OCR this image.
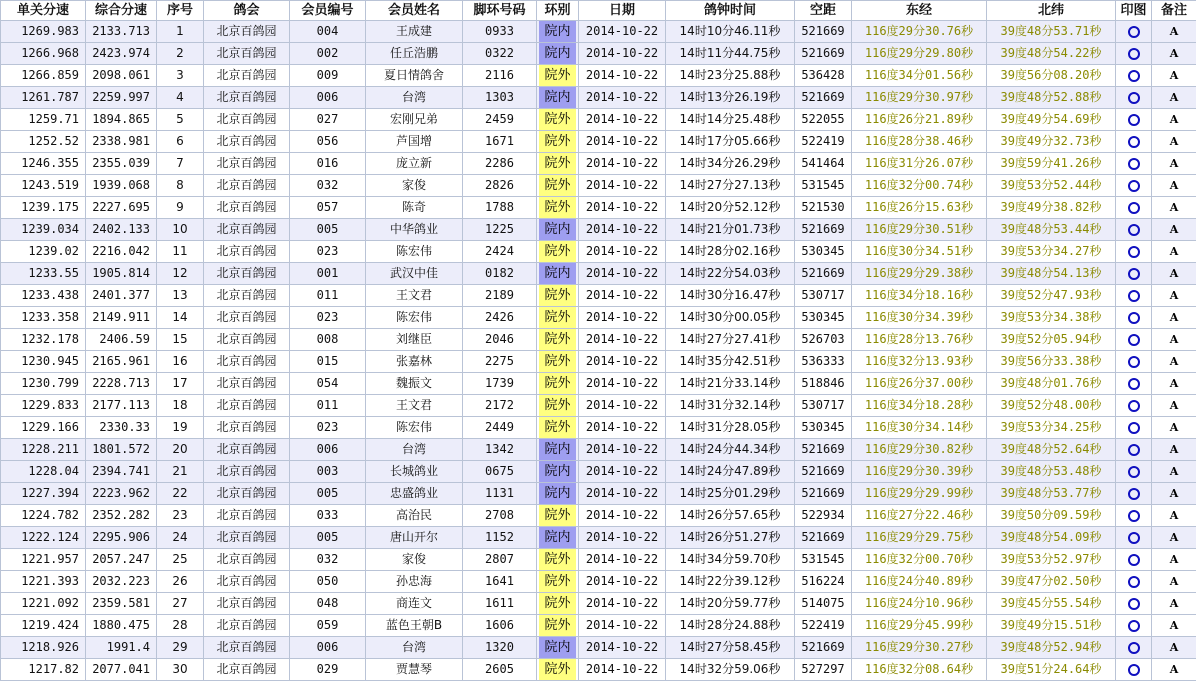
单关分速	综合分速	序号	鸽会	会员编号	会员姓名	脚环号码	环别	日期	鸽钟时间	空距	东经	北纬	印图	备注
1269.983	2133.713	1	北京百鸽园	004	王成建	0933	院内	2014-10-22	14时10分46.11秒	521669	116度29分30.76秒	39度48分53.71秒		A
1266.968	2423.974	2	北京百鸽园	002	任丘浩鹏	0322	院内	2014-10-22	14时11分44.75秒	521669	116度29分29.80秒	39度48分54.22秒		A
1266.859	2098.061	3	北京百鸽园	009	夏日情鸽舍	2116	院外	2014-10-22	14时23分25.88秒	536428	116度34分01.56秒	39度56分08.20秒		A
1261.787	2259.997	4	北京百鸽园	006	台湾	1303	院内	2014-10-22	14时13分26.19秒	521669	116度29分30.97秒	39度48分52.88秒		A
1259.71	1894.865	5	北京百鸽园	027	宏刚兄弟	2459	院外	2014-10-22	14时14分25.48秒	522055	116度26分21.89秒	39度49分54.69秒		A
1252.52	2338.981	6	北京百鸽园	056	芦国增	1671	院外	2014-10-22	14时17分05.66秒	522419	116度28分38.46秒	39度49分32.73秒		A
1246.355	2355.039	7	北京百鸽园	016	庞立新	2286	院外	2014-10-22	14时34分26.29秒	541464	116度31分26.07秒	39度59分41.26秒		A
1243.519	1939.068	8	北京百鸽园	032	家俊	2826	院外	2014-10-22	14时27分27.13秒	531545	116度32分00.74秒	39度53分52.44秒		A
1239.175	2227.695	9	北京百鸽园	057	陈奇	1788	院外	2014-10-22	14时20分52.12秒	521530	116度26分15.63秒	39度49分38.82秒		A
1239.034	2402.133	10	北京百鸽园	005	中华鸽业	1225	院内	2014-10-22	14时21分01.73秒	521669	116度29分30.51秒	39度48分53.44秒		A
1239.02	2216.042	11	北京百鸽园	023	陈宏伟	2424	院外	2014-10-22	14时28分02.16秒	530345	116度30分34.51秒	39度53分34.27秒		A
1233.55	1905.814	12	北京百鸽园	001	武汉中佳	0182	院内	2014-10-22	14时22分54.03秒	521669	116度29分29.38秒	39度48分54.13秒		A
1233.438	2401.377	13	北京百鸽园	011	王文君	2189	院外	2014-10-22	14时30分16.47秒	530717	116度34分18.16秒	39度52分47.93秒		A
1233.358	2149.911	14	北京百鸽园	023	陈宏伟	2426	院外	2014-10-22	14时30分00.05秒	530345	116度30分34.39秒	39度53分34.38秒		A
1232.178	2406.59	15	北京百鸽园	008	刘继臣	2046	院外	2014-10-22	14时27分27.41秒	526703	116度28分13.76秒	39度52分05.94秒		A
1230.945	2165.961	16	北京百鸽园	015	张嘉林	2275	院外	2014-10-22	14时35分42.51秒	536333	116度32分13.93秒	39度56分33.38秒		A
1230.799	2228.713	17	北京百鸽园	054	魏振文	1739	院外	2014-10-22	14时21分33.14秒	518846	116度26分37.00秒	39度48分01.76秒		A
1229.833	2177.113	18	北京百鸽园	011	王文君	2172	院外	2014-10-22	14时31分32.14秒	530717	116度34分18.28秒	39度52分48.00秒		A
1229.166	2330.33	19	北京百鸽园	023	陈宏伟	2449	院外	2014-10-22	14时31分28.05秒	530345	116度30分34.14秒	39度53分34.25秒		A
1228.211	1801.572	20	北京百鸽园	006	台湾	1342	院内	2014-10-22	14时24分44.34秒	521669	116度29分30.82秒	39度48分52.64秒		A
1228.04	2394.741	21	北京百鸽园	003	长城鸽业	0675	院内	2014-10-22	14时24分47.89秒	521669	116度29分30.39秒	39度48分53.48秒		A
1227.394	2223.962	22	北京百鸽园	005	忠盛鸽业	1131	院内	2014-10-22	14时25分01.29秒	521669	116度29分29.99秒	39度48分53.77秒		A
1224.782	2352.282	23	北京百鸽园	033	高治民	2708	院外	2014-10-22	14时26分57.65秒	522934	116度27分22.46秒	39度50分09.59秒		A
1222.124	2295.906	24	北京百鸽园	005	唐山开尔	1152	院内	2014-10-22	14时26分51.27秒	521669	116度29分29.75秒	39度48分54.09秒		A
1221.957	2057.247	25	北京百鸽园	032	家俊	2807	院外	2014-10-22	14时34分59.70秒	531545	116度32分00.70秒	39度53分52.97秒		A
1221.393	2032.223	26	北京百鸽园	050	孙忠海	1641	院外	2014-10-22	14时22分39.12秒	516224	116度24分40.89秒	39度47分02.50秒		A
1221.092	2359.581	27	北京百鸽园	048	商连文	1611	院外	2014-10-22	14时20分59.77秒	514075	116度24分10.96秒	39度45分55.54秒		A
1219.424	1880.475	28	北京百鸽园	059	蓝色王朝B	1606	院外	2014-10-22	14时28分24.88秒	522419	116度29分45.99秒	39度49分15.51秒		A
1218.926	1991.4	29	北京百鸽园	006	台湾	1320	院内	2014-10-22	14时27分58.45秒	521669	116度29分30.27秒	39度48分52.94秒		A
1217.82	2077.041	30	北京百鸽园	029	贾慧琴	2605	院外	2014-10-22	14时32分59.06秒	527297	116度32分08.64秒	39度51分24.64秒		A
